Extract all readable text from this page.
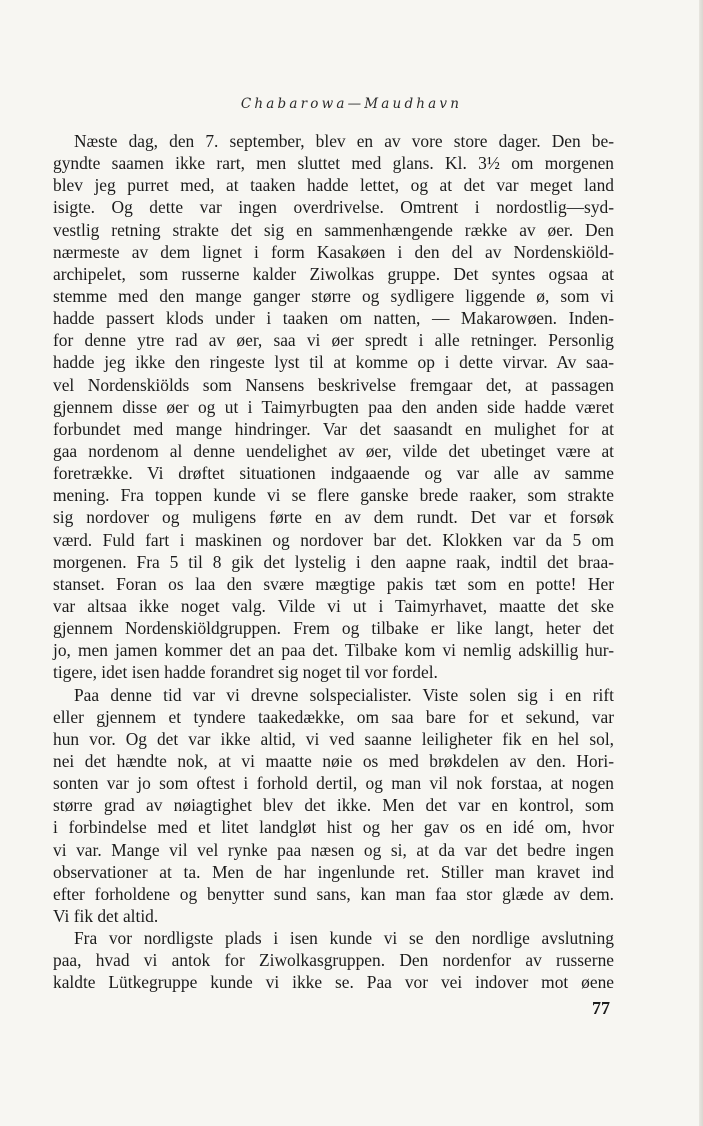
Chabarowa—Maudhavn
Næste dag, den 7. september, blev en av vore store dager. Den be-
gyndte saamen ikke rart, men sluttet med glans. Kl. 3½ om morgenen
blev jeg purret med, at taaken hadde lettet, og at det var meget land
isigte. Og dette var ingen overdrivelse. Omtrent i nordostlig—syd-
vestlig retning strakte det sig en sammenhængende række av øer. Den
nærmeste av dem lignet i form Kasakøen i den del av Nordenskiöld-
archipelet, som russerne kalder Ziwolkas gruppe. Det syntes ogsaa at
stemme med den mange ganger større og sydligere liggende ø, som vi
hadde passert klods under i taaken om natten, — Makarowøen. Inden-
for denne ytre rad av øer, saa vi øer spredt i alle retninger. Personlig
hadde jeg ikke den ringeste lyst til at komme op i dette virvar. Av saa-
vel Nordenskiölds som Nansens beskrivelse fremgaar det, at passagen
gjennem disse øer og ut i Taimyrbugten paa den anden side hadde været
forbundet med mange hindringer. Var det saasandt en mulighet for at
gaa nordenom al denne uendelighet av øer, vilde det ubetinget være at
foretrække. Vi drøftet situationen indgaaende og var alle av samme
mening. Fra toppen kunde vi se flere ganske brede raaker, som strakte
sig nordover og muligens førte en av dem rundt. Det var et forsøk
værd. Fuld fart i maskinen og nordover bar det. Klokken var da 5 om
morgenen. Fra 5 til 8 gik det lystelig i den aapne raak, indtil det braa-
stanset. Foran os laa den svære mægtige pakis tæt som en potte! Her
var altsaa ikke noget valg. Vilde vi ut i Taimyrhavet, maatte det ske
gjennem Nordenskiöldgruppen. Frem og tilbake er like langt, heter det
jo, men jamen kommer det an paa det. Tilbake kom vi nemlig adskillig hur-
tigere, idet isen hadde forandret sig noget til vor fordel.
Paa denne tid var vi drevne solspecialister. Viste solen sig i en rift
eller gjennem et tyndere taakedække, om saa bare for et sekund, var
hun vor. Og det var ikke altid, vi ved saanne leiligheter fik en hel sol,
nei det hændte nok, at vi maatte nøie os med brøkdelen av den. Hori-
sonten var jo som oftest i forhold dertil, og man vil nok forstaa, at nogen
større grad av nøiagtighet blev det ikke. Men det var en kontrol, som
i forbindelse med et litet landgløt hist og her gav os en idé om, hvor
vi var. Mange vil vel rynke paa næsen og si, at da var det bedre ingen
observationer at ta. Men de har ingenlunde ret. Stiller man kravet ind
efter forholdene og benytter sund sans, kan man faa stor glæde av dem.
Vi fik det altid.
Fra vor nordligste plads i isen kunde vi se den nordlige avslutning
paa, hvad vi antok for Ziwolkasgruppen. Den nordenfor av russerne
kaldte Lütkegruppe kunde vi ikke se. Paa vor vei indover mot øene
77
